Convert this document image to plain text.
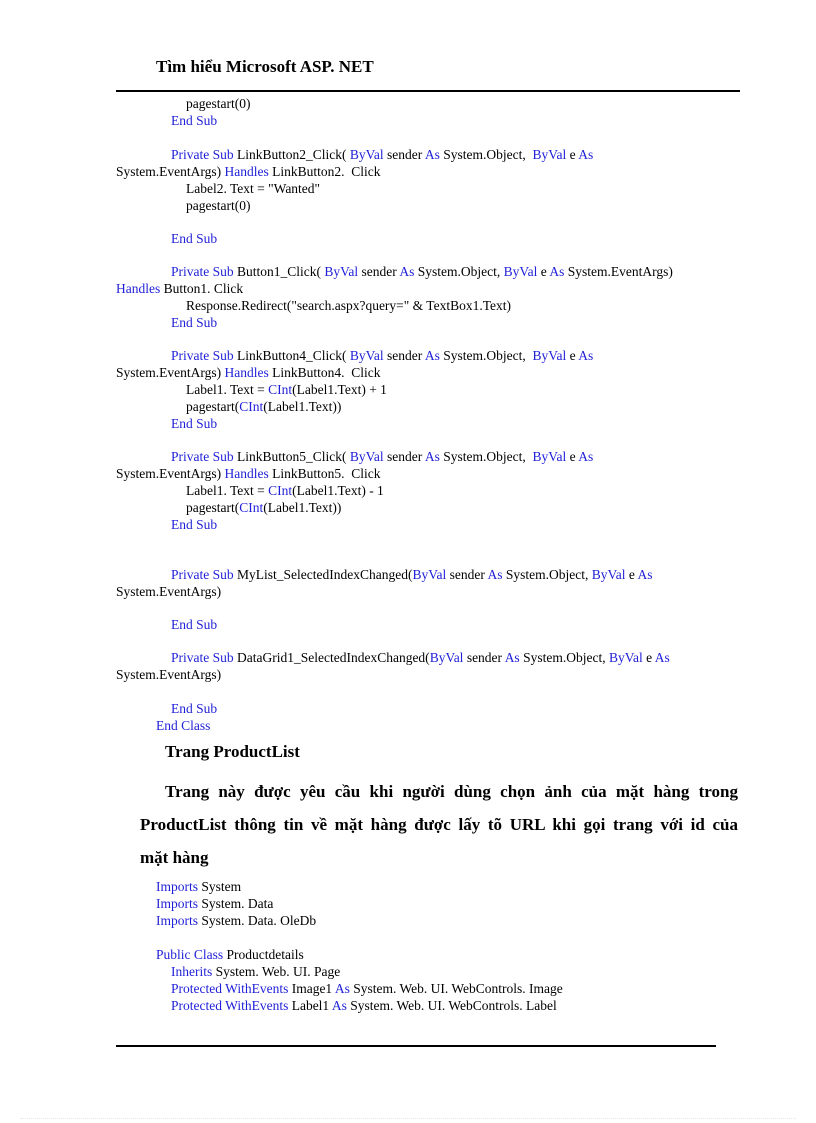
Tìm hiểu Microsoft ASP. NET
pagestart(0)
End Sub
Private Sub LinkButton2_Click( ByVal sender As System.Object,  ByVal e As
System.EventArgs) Handles LinkButton2.  Click
Label2. Text = "Wanted"
pagestart(0)
End Sub
Private Sub Button1_Click( ByVal sender As System.Object, ByVal e As System.EventArgs)
Handles Button1. Click
Response.Redirect("search.aspx?query=" & TextBox1.Text)
End Sub
Private Sub LinkButton4_Click( ByVal sender As System.Object,  ByVal e As
System.EventArgs) Handles LinkButton4.  Click
Label1. Text = CInt(Label1.Text) + 1
pagestart(CInt(Label1.Text))
End Sub
Private Sub LinkButton5_Click( ByVal sender As System.Object,  ByVal e As
System.EventArgs) Handles LinkButton5.  Click
Label1. Text = CInt(Label1.Text) - 1
pagestart(CInt(Label1.Text))
End Sub
Private Sub MyList_SelectedIndexChanged(ByVal sender As System.Object, ByVal e As
System.EventArgs)
End Sub
Private Sub DataGrid1_SelectedIndexChanged(ByVal sender As System.Object, ByVal e As
System.EventArgs)
End Sub
End Class
Trang ProductList
Trang này được yêu cầu khi người dùng chọn ảnh của mặt hàng trong
ProductList thông tin về mặt hàng được lấy tõ URL khi gọi trang với id của
mặt hàng
Imports System
Imports System. Data
Imports System. Data. OleDb
Public Class Productdetails
Inherits System. Web. UI. Page
Protected WithEvents Image1 As System. Web. UI. WebControls. Image
Protected WithEvents Label1 As System. Web. UI. WebControls. Label
